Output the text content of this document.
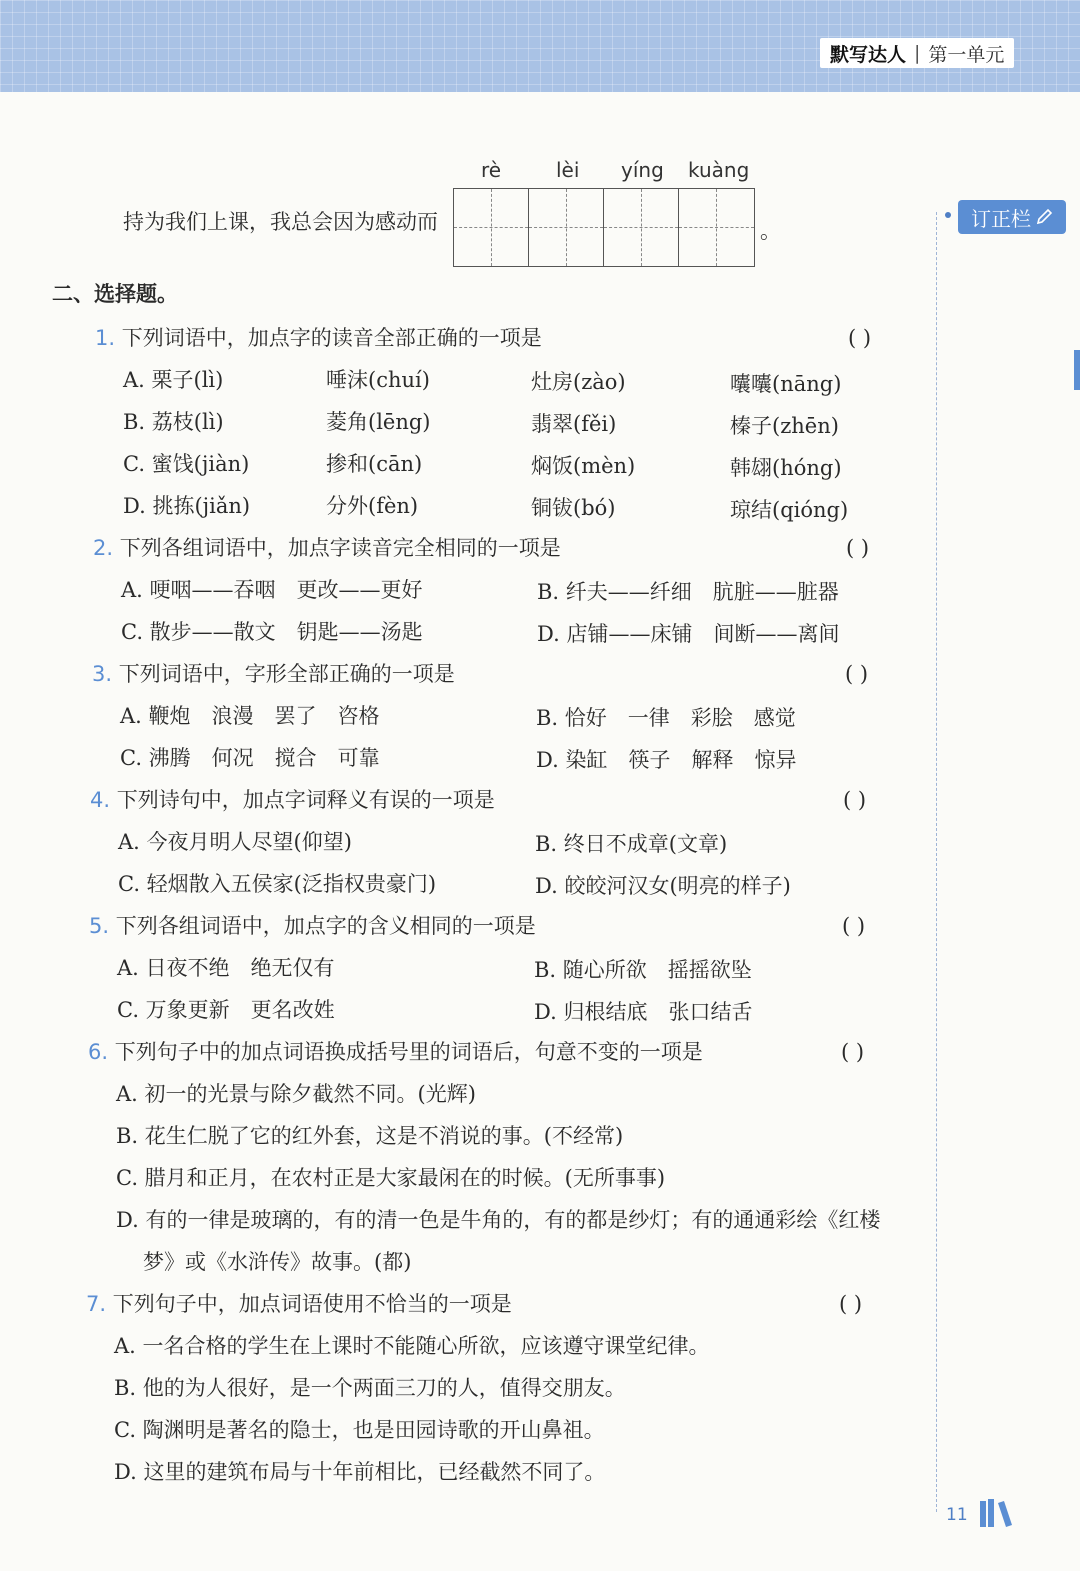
默写达人 | 第一单元
订正栏
rè	lèi yíng kuàng
持为我们上课，我总会因为感动而	。
二、选择题。
1. 下列词语中，加点字的读音全部正确的一项是	( )
A. 栗子(lì)	唾沫(chuí)	灶房(zào)	囔囔(nāng)
B. 荔枝(lì)	菱角(lēng)	翡翠(fěi)	榛子(zhēn)
C. 蜜饯(jiàn)	掺和(cān)	焖饭(mèn)	韩翃(hóng)
D. 挑拣(jiǎn)	分外(fèn)	铜钹(bó)	琼结(qióng)
2. 下列各组词语中，加点字读音完全相同的一项是	( )
A. 哽咽——吞咽　更改——更好	B. 纤夫——纤细　肮脏——脏器
C. 散步——散文　钥匙——汤匙	D. 店铺——床铺　间断——离间
3. 下列词语中，字形全部正确的一项是	( )
A. 鞭炮　浪漫　罢了　咨格	B. 恰好　一律　彩脍　感觉
C. 沸腾　何况　搅合　可靠	D. 染缸　筷子　解释　惊异
4. 下列诗句中，加点字词释义有误的一项是	( )
A. 今夜月明人尽望(仰望)	B. 终日不成章(文章)
C. 轻烟散入五侯家(泛指权贵豪门)	D. 皎皎河汉女(明亮的样子)
5. 下列各组词语中，加点字的含义相同的一项是	( )
A. 日夜不绝　绝无仅有	B. 随心所欲　摇摇欲坠
C. 万象更新　更名改姓	D. 归根结底　张口结舌
6. 下列句子中的加点词语换成括号里的词语后，句意不变的一项是	( )
A. 初一的光景与除夕截然不同。(光辉)
B. 花生仁脱了它的红外套，这是不消说的事。(不经常)
C. 腊月和正月，在农村正是大家最闲在的时候。(无所事事)
D. 有的一律是玻璃的，有的清一色是牛角的，有的都是纱灯；有的通通彩绘《红楼
梦》或《水浒传》故事。(都)
7. 下列句子中，加点词语使用不恰当的一项是	( )
A. 一名合格的学生在上课时不能随心所欲，应该遵守课堂纪律。
B. 他的为人很好，是一个两面三刀的人，值得交朋友。
C. 陶渊明是著名的隐士，也是田园诗歌的开山鼻祖。
D. 这里的建筑布局与十年前相比，已经截然不同了。
11
